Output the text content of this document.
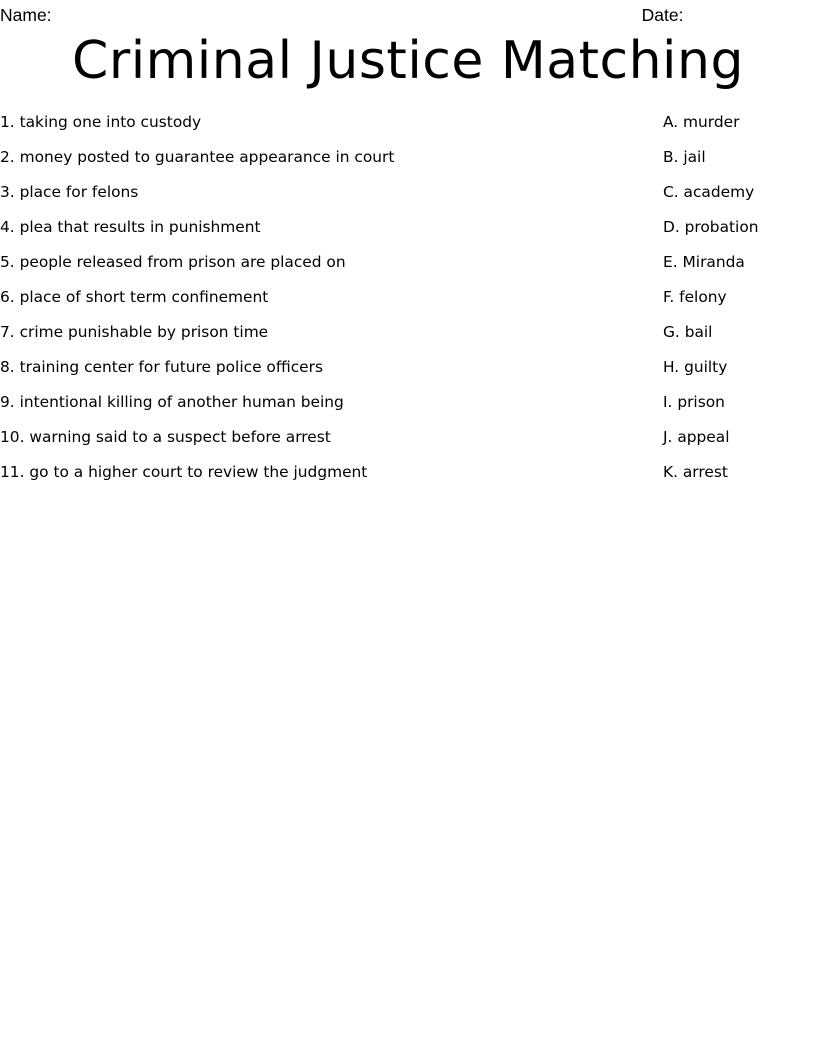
Name:	Date:
Criminal Justice Matching
1. taking one into custody	A. murder
2. money posted to guarantee appearance in court	B. jail
3. place for felons	C. academy
4. plea that results in punishment	D. probation
5. people released from prison are placed on	E. Miranda
6. place of short term confinement	F. felony
7. crime punishable by prison time	G. bail
8. training center for future police officers	H. guilty
9. intentional killing of another human being	I. prison
10. warning said to a suspect before arrest	J. appeal
11. go to a higher court to review the judgment	K. arrest
